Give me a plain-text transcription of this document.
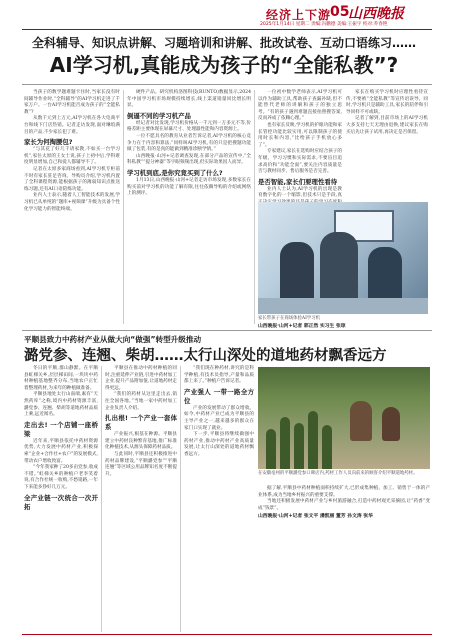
经济上下游
05
山西晚报
2025年1月14日 星期二 责编:冯鹏德 美编:王振宇 校对:乔春艳
全科辅导、知识点讲解、习题培训和讲解、批改试卷、互动口语练习……
AI学习机,真能成为孩子的“全能私教”?

当孩子的数学题难题卡住时,当家长没有时间辅导作业时,“全科辅导”的AI学习机走进了千家万户。一台AI学习机能否成为孩子的“全能私教”?

从数千元到上万元,AI学习机在各大电商平台和线下门店热销。记者走访发现,面对琳琅满目的产品,不少家长犯了难。

家长为何掏腰包?

“与其花了好几千请家教,不如买一台学习机”,家住太原的王女士说,孩子上初中后,学科难度明显增加,自己和爱人都辅导不了。

记者在太原多家商场看到,AI学习机专柜前不时有家长驻足咨询。导购员介绍,学习机内置了全科课程资源,能根据孩子的薄弱知识点推送练习题,还有AI口语陪练功能。

业内人士表示,随着人工智能技术的发展,学习机已从单纯的“题库+视频课”升级为具备个性化学习能力的智能终端。

硬件产品。研究机构洛图科技(RUNTO)数据显示,2024年中国学习机市场规模持续增长,线上渠道销量同比增长明显。

倒逼不同的学习机产品

经记者对比发现,学习机价格从一千元到一万多元不等,价格差距主要体现在屏幕尺寸、处理器性能和内容资源上。

一位不愿具名的教育从业者告诉记者,AI学习机的核心竞争力在于内容和算法,“同样叫AI学习机,有的只是把搜题功能做了包装,有的是真的能做到精准诊断学情。”

山西晚报·山河+记者调查发现,在部分产品的宣传中,“全科私教”“提分神器”等字眼频频出现,但实际效果因人而异。

学习机到底,是你究竟买到了什么?

1月13日,山西晚报·山河+记者走访市场发现,多数家长在购买前对学习机的功能了解有限,往往依赖导购的介绍或网络上的测评。

一位初中数学老师表示,AI学习机可以作为辅助工具,帮助孩子查漏补缺,但不能替代老师的讲解和孩子的独立思考。“有的孩子遇到难题直接拍照搜答案,反而养成了依赖心理。”

也有家长反映,学习机的护眼功能和家长管控功能比较实用,可以限制孩子的使用时长和内容,“比给孩子手机放心多了”。

专家建议,家长在选购时应结合孩子的年级、学习习惯和实际需求,不要盲目追求高价和“功能全面”,要关注内容质量是否与教材同步、售后服务是否完善。

是否智能,家长们要理性看待

业内人士认为,AI学习机的出现是教育数字化的一个缩影,但技术只是手段,真

家长在购买学习机时应理性看待宣传,不要被“全能私教”等宣传语误导。同时,学习机只是辅助工具,家长的陪伴和引导同样不可或缺。

记者了解到,目前市场上的AI学习机大多支持七天无理由退换,建议家长在购买后先让孩子试用,再决定是否保留。

家长带孩子在商场体验AI学习机
山西晚报·山河+记者 郭正然 实习生 张琼
平顺县致力中药材产业从做大向“做强”转型升级推动
潞党参、连翘、柴胡……太行山深处的道地药材飘香远方

冬日的平顺,群山静默。在平顺县虹梯关乡,层层梯田间,一块块中药材种植基地整齐分布,当地农户正忙着整理药材,为来年的种植做准备。

平顺县地处太行山南端,素有“天然药库”之称,境内中药材资源丰富,潞党参、连翘、柴胡等道地药材品质上乘,远近闻名。

走出去! 一个店铺一座桥梁

近年来,平顺县依托中药材资源优势,大力发展中药材产业,积极探索“企业+合作社+农户”的发展模式,带动农户增收致富。

“今年我家种了20多亩党参,收成不错。”虹梯关乡的种植户老李笑着说,有合作社统一收购,不愁销路,一年下来能多挣好几万元。

全产业链一次统合一次开拓

平顺县在推动中药材种植的同时,注重延伸产业链,引进中药材加工企业,提升产品附加值,让道地药材走得更远。

“我们的药材从这里走出去,销往全国各地。”当地一家中药材加工企业负责人介绍。

扎出根! 一个产业一套体系

产业振兴,根基在种源。平顺县建立中药材良种繁育基地,推广标准化种植技术,从源头保障药材品质。

与此同时,平顺县还积极推进中药材品牌建设,“平顺潞党参”“平顺连翘”等区域公用品牌知名度不断提升。

“我们现在种药材,讲究的是科学种植,有技术员指导,产量和品质都上来了。”种植户告诉记者。

产业强人 一带一路全方位

产业的发展带动了群众增收。如今,中药材产业已成为平顺县的主导产业之一,越来越多的群众在家门口实现了就业。

下一步,平顺县将继续做强中药材产业,推动中药材产业高质量发展,让太行山深处的道地药材飘香远方。

在安徽亳州的平顺潞党参口碑店内,药材工作人员向前来的顾客介绍平顺道地药材。

据了解,平顺县中药材种植面积持续扩大,已形成集种植、加工、销售于一体的产业体系,成为当地乡村振兴的重要支撑。

当地还积极发展中药材产业与乡村旅游融合,打造中药材观光采摘园,让“药香”变成“钱景”。

山西晚报·山河+记者 张文平 潘凯丽 董芳 孙文涛 张华
